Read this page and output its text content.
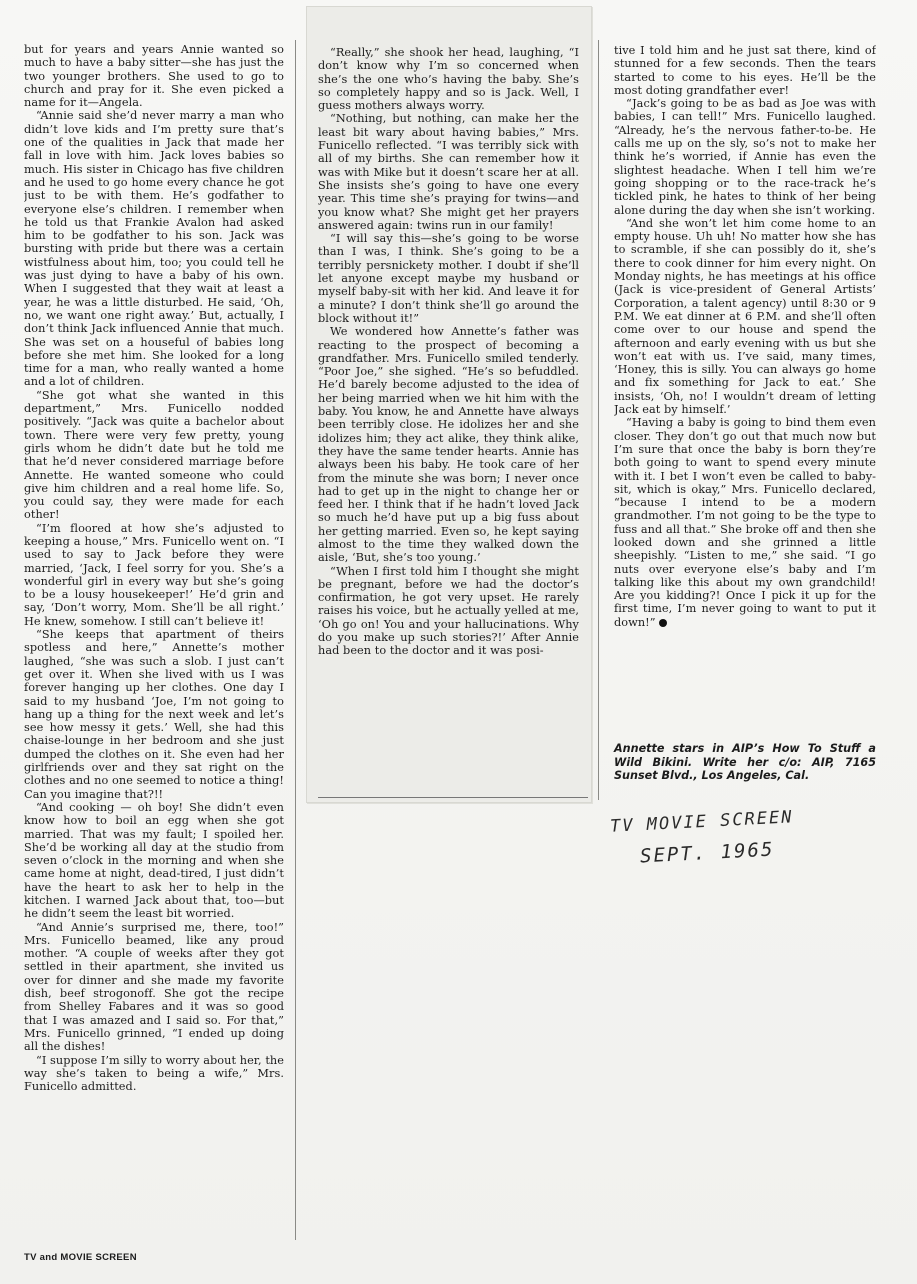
but for years and years Annie wanted so much to have a baby sitter—she has just the two younger brothers. She used to go to church and pray for it. She even picked a name for it—Angela.

“Annie said she’d never marry a man who didn’t love kids and I’m pretty sure that’s one of the qualities in Jack that made her fall in love with him. Jack loves babies so much. His sister in Chicago has five children and he used to go home every chance he got just to be with them. He’s godfather to everyone else’s children. I remember when he told us that Frankie Avalon had asked him to be godfather to his son. Jack was bursting with pride but there was a certain wistfulness about him, too; you could tell he was just dying to have a baby of his own. When I suggested that they wait at least a year, he was a little disturbed. He said, ‘Oh, no, we want one right away.’ But, actually, I don’t think Jack influenced Annie that much. She was set on a houseful of babies long before she met him. She looked for a long time for a man, who really wanted a home and a lot of children.

“She got what she wanted in this department,” Mrs. Funicello nodded positively. “Jack was quite a bachelor about town. There were very few pretty, young girls whom he didn’t date but he told me that he’d never considered marriage before Annette. He wanted someone who could give him children and a real home life. So, you could say, they were made for each other!

“I’m floored at how she’s adjusted to keeping a house,” Mrs. Funicello went on. “I used to say to Jack before they were married, ‘Jack, I feel sorry for you. She’s a wonderful girl in every way but she’s going to be a lousy housekeeper!’ He’d grin and say, ‘Don’t worry, Mom. She’ll be all right.’ He knew, somehow. I still can’t believe it!

“She keeps that apartment of theirs spotless and here,” Annette’s mother laughed, “she was such a slob. I just can’t get over it. When she lived with us I was forever hanging up her clothes. One day I said to my husband ‘Joe, I’m not going to hang up a thing for the next week and let’s see how messy it gets.’ Well, she had this chaise-lounge in her bedroom and she just dumped the clothes on it. She even had her girlfriends over and they sat right on the clothes and no one seemed to notice a thing! Can you imagine that?!!

“And cooking — oh boy! She didn’t even know how to boil an egg when she got married. That was my fault; I spoiled her. She’d be working all day at the studio from seven o’clock in the morning and when she came home at night, dead-tired, I just didn’t have the heart to ask her to help in the kitchen. I warned Jack about that, too—but he didn’t seem the least bit worried.

“And Annie’s surprised me, there, too!” Mrs. Funicello beamed, like any proud mother. “A couple of weeks after they got settled in their apartment, she invited us over for dinner and she made my favorite dish, beef strogonoff. She got the recipe from Shelley Fabares and it was so good that I was amazed and I said so. For that,” Mrs. Funicello grinned, “I ended up doing all the dishes!

“I suppose I’m silly to worry about her, the way she’s taken to being a wife,” Mrs. Funicello admitted.

“Really,” she shook her head, laughing, “I don’t know why I’m so concerned when she’s the one who’s having the baby. She’s so completely happy and so is Jack. Well, I guess mothers always worry.

“Nothing, but nothing, can make her the least bit wary about having babies,” Mrs. Funicello reflected. “I was terribly sick with all of my births. She can remember how it was with Mike but it doesn’t scare her at all. She insists she’s going to have one every year. This time she’s praying for twins—and you know what? She might get her prayers answered again: twins run in our family!

“I will say this—she’s going to be worse than I was, I think. She’s going to be a terribly persnickety mother. I doubt if she’ll let anyone except maybe my husband or myself baby-sit with her kid. And leave it for a minute? I don’t think she’ll go around the block without it!”

We wondered how Annette’s father was reacting to the prospect of becoming a grandfather. Mrs. Funicello smiled tenderly. “Poor Joe,” she sighed. “He’s so befuddled. He’d barely become adjusted to the idea of her being married when we hit him with the baby. You know, he and Annette have always been terribly close. He idolizes her and she idolizes him; they act alike, they think alike, they have the same tender hearts. Annie has always been his baby. He took care of her from the minute she was born; I never once had to get up in the night to change her or feed her. I think that if he hadn’t loved Jack so much he’d have put up a big fuss about her getting married. Even so, he kept saying almost to the time they walked down the aisle, ‘But, she’s too young.’

“When I first told him I thought she might be pregnant, before we had the doctor’s confirmation, he got very upset. He rarely raises his voice, but he actually yelled at me, ‘Oh go on! You and your hallucinations. Why do you make up such stories?!’ After Annie had been to the doctor and it was posi-

tive I told him and he just sat there, kind of stunned for a few seconds. Then the tears started to come to his eyes. He’ll be the most doting grandfather ever!

“Jack’s going to be as bad as Joe was with babies, I can tell!” Mrs. Funicello laughed. “Already, he’s the nervous father-to-be. He calls me up on the sly, so’s not to make her think he’s worried, if Annie has even the slightest headache. When I tell him we’re going shopping or to the race-track he’s tickled pink, he hates to think of her being alone during the day when she isn’t working.

“And she won’t let him come home to an empty house. Uh uh! No matter how she has to scramble, if she can possibly do it, she’s there to cook dinner for him every night. On Monday nights, he has meetings at his office (Jack is vice-president of General Artists’ Corporation, a talent agency) until 8:30 or 9 P.M. We eat dinner at 6 P.M. and she’ll often come over to our house and spend the afternoon and early evening with us but she won’t eat with us. I’ve said, many times, ‘Honey, this is silly. You can always go home and fix something for Jack to eat.’ She insists, ‘Oh, no! I wouldn’t dream of letting Jack eat by himself.’

“Having a baby is going to bind them even closer. They don’t go out that much now but I’m sure that once the baby is born they’re both going to want to spend every minute with it. I bet I won’t even be called to baby-sit, which is okay,” Mrs. Funicello declared, “because I intend to be a modern grandmother. I’m not going to be the type to fuss and all that.” She broke off and then she looked down and she grinned a little sheepishly. “Listen to me,” she said. “I go nuts over everyone else’s baby and I’m talking like this about my own grandchild! Are you kidding?! Once I pick it up for the first time, I’m never going to want to put it down!”

Annette stars in AIP’s How To Stuff a Wild Bikini. Write her c/o: AIP, 7165 Sunset Blvd., Los Angeles, Cal.
TV MOVIE SCREEN
SEPT. 1965
TV and MOVIE SCREEN
